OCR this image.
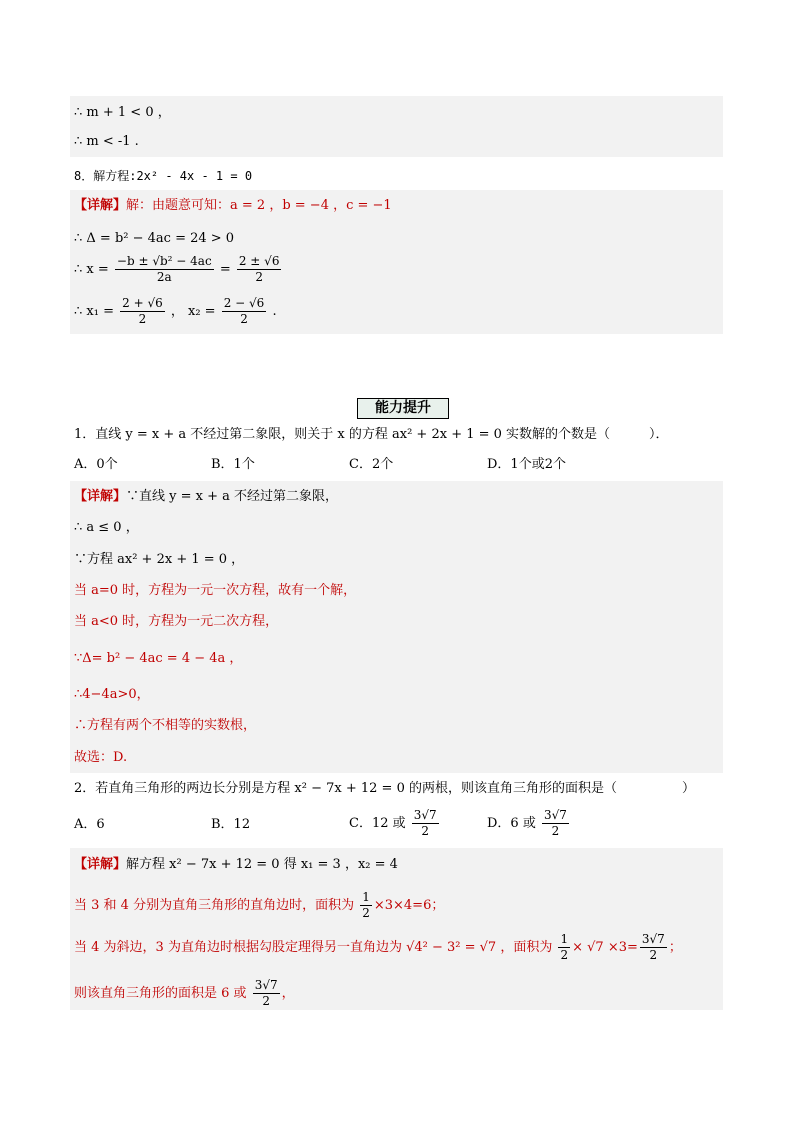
∴ m + 1 < 0 ，
∴ m < -1 .
8．解方程:2x² - 4x - 1 = 0
【详解】解：由题意可知：a = 2 ，b = −4 ，c = −1
∴ Δ = b² − 4ac = 24 > 0
∴ $x = \frac{\text{−b ± √b² − 4ac}}{2a} = \frac{2 \pm √6}{2}$
∴ $x_1 = \frac{2 + √6}{2}$ ， $x_2 = \frac{2 - √6}{2}$ .
能力提升
1．直线 y = x + a 不经过第二象限，则关于 x 的方程 ax² + 2x + 1 = 0 实数解的个数是（　　　）．
A．0个	B．1个	C．2个	D．1个或2个
【详解】∵直线 y = x + a 不经过第二象限，
∴ a ≤ 0 ，
∵方程 ax² + 2x + 1 = 0 ，
当 a=0 时，方程为一元一次方程，故有一个解，
当 a<0 时，方程为一元二次方程，
∵Δ= b² − 4ac = 4 − 4a ，
∴4−4a>0，
∴方程有两个不相等的实数根，
故选：D.
2．若直角三角形的两边长分别是方程 x² − 7x + 12 = 0 的两根，则该直角三角形的面积是（　　　　　）
A．6	B．12	C．12 或 $\frac{3√7}{2}$	D．6 或 $\frac{3√7}{2}$
【详解】解方程 x² − 7x + 12 = 0 得 x₁ = 3 ，x₂ = 4
当 3 和 4 分别为直角三角形的直角边时，面积为 $\frac{1}{2} \times 3\times 4=6$；
当 4 为斜边，3 为直角边时根据勾股定理得另一直角边为 √4² − 3² = √7 ，面积为 $\frac{1}{2} \times √7 \times 3= \frac{3√7}{2}$ ；
则该直角三角形的面积是 6 或 $\frac{3√7}{2}$ ，
